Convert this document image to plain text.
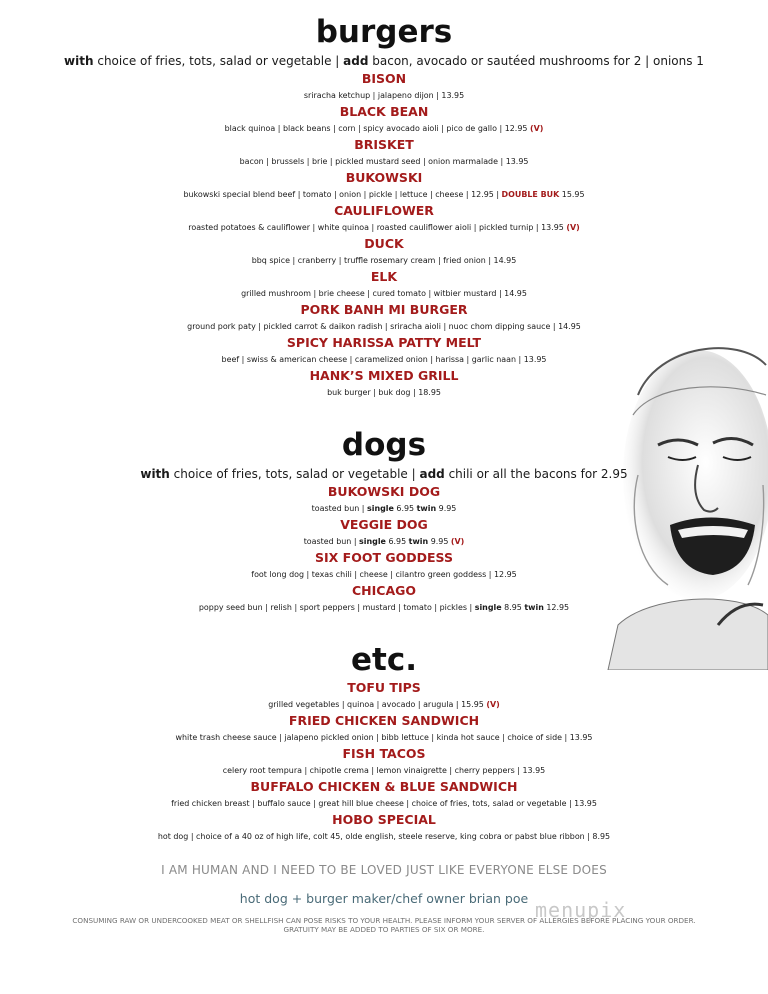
burgers

with choice of fries, tots, salad or vegetable | add bacon, avocado or sautéed mushrooms for 2 | onions 1

BISON

sriracha ketchup | jalapeno dijon | 13.95

BLACK BEAN

black quinoa | black beans | corn | spicy avocado aioli | pico de gallo | 12.95 (V)

BRISKET

bacon | brussels | brie | pickled mustard seed | onion marmalade | 13.95

BUKOWSKI

bukowski special blend beef | tomato | onion | pickle | lettuce | cheese | 12.95 | DOUBLE BUK 15.95

CAULIFLOWER

roasted potatoes & cauliflower | white quinoa | roasted cauliflower aioli | pickled turnip | 13.95 (V)

DUCK

bbq spice | cranberry | truffle rosemary cream | fried onion | 14.95

ELK

grilled mushroom | brie cheese | cured tomato | witbier mustard | 14.95

PORK BANH MI BURGER

ground pork paty | pickled carrot & daikon radish | sriracha aioli | nuoc chom dipping sauce | 14.95

SPICY HARISSA PATTY MELT

beef | swiss & american cheese | caramelized onion | harissa | garlic naan | 13.95

HANK’S MIXED GRILL

buk burger | buk dog | 18.95

dogs

with choice of fries, tots, salad or vegetable | add chili or all the bacons for 2.95

BUKOWSKI DOG

toasted bun | single 6.95 twin 9.95

VEGGIE DOG

toasted bun | single 6.95 twin 9.95 (V)

SIX FOOT GODDESS

foot long dog | texas chili | cheese | cilantro green goddess | 12.95

CHICAGO

poppy seed bun | relish | sport peppers | mustard | tomato | pickles | single 8.95 twin 12.95

etc.

TOFU TIPS

grilled vegetables | quinoa | avocado | arugula | 15.95 (V)

FRIED CHICKEN SANDWICH

white trash cheese sauce | jalapeno pickled onion | bibb lettuce | kinda hot sauce | choice of side | 13.95

FISH TACOS

celery root tempura | chipotle crema | lemon vinaigrette | cherry peppers | 13.95

BUFFALO CHICKEN & BLUE SANDWICH

fried chicken breast | buffalo sauce | great hill blue cheese | choice of fries, tots, salad or vegetable | 13.95

HOBO SPECIAL

hot dog | choice of a 40 oz of high life, colt 45, olde english, steele reserve, king cobra or pabst blue ribbon | 8.95

I AM HUMAN AND I NEED TO BE LOVED JUST LIKE EVERYONE ELSE DOES
hot dog + burger maker/chef owner brian poe
CONSUMING RAW OR UNDERCOOKED MEAT OR SHELLFISH CAN POSE RISKS TO YOUR HEALTH. PLEASE INFORM YOUR SERVER OF ALLERGIES BEFORE PLACING YOUR ORDER.
GRATUITY MAY BE ADDED TO PARTIES OF SIX OR MORE.
menupix
